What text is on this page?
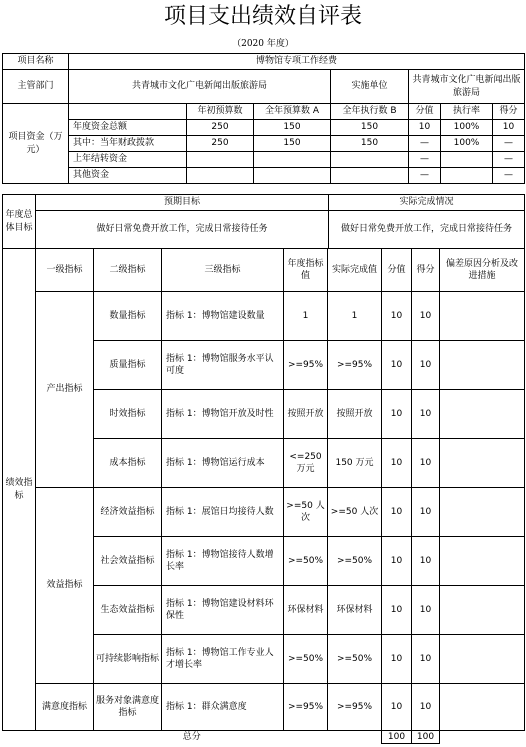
项目支出绩效自评表
（2020 年度）
项目名称	博物馆专项工作经费						
主管部门	共青城市文化广电新闻出版旅游局			实施单位	共青城市文化广电新闻出版旅游局		
项目资金（万元）		年初预算数	全年预算数 A	全年执行数 B	分值	执行率	得分
	年度资金总额	250	150	150	10	100%	10
	其中：当年财政拨款	250	150	150	—	100%	—
	上年结转资金				—		—
	其他资金				—		—
年度总体目标	预期目标	实际完成情况
	做好日常免费开放工作，完成日常接待任务	做好日常免费开放工作，完成日常接待任务
绩效指标	一级指标	二级指标	三级指标	年度指标值	实际完成值	分值	得分	偏差原因分析及改进措施
	产出指标	数量指标	指标 1：博物馆建设数量	1	1	10	10	
		质量指标	指标 1：博物馆服务水平认可度	>=95%	>=95%	10	10	
		时效指标	指标 1：博物馆开放及时性	按照开放	按照开放	10	10	
		成本指标	指标 1：博物馆运行成本	<=250 万元	150 万元	10	10	
	效益指标	经济效益指标	指标 1：展馆日均接待人数	>=50 人次	>=50 人次	10	10	
		社会效益指标	指标 1：博物馆接待人数增长率	>=50%	>=50%	10	10	
		生态效益指标	指标 1：博物馆建设材料环保性	环保材料	环保材料	10	10	
		可持续影响指标	指标 1：博物馆工作专业人才增长率	>=50%	>=50%	10	10	
	满意度指标	服务对象满意度指标	指标 1：群众满意度	>=95%	>=95%	10	10	
总分						100	100	
